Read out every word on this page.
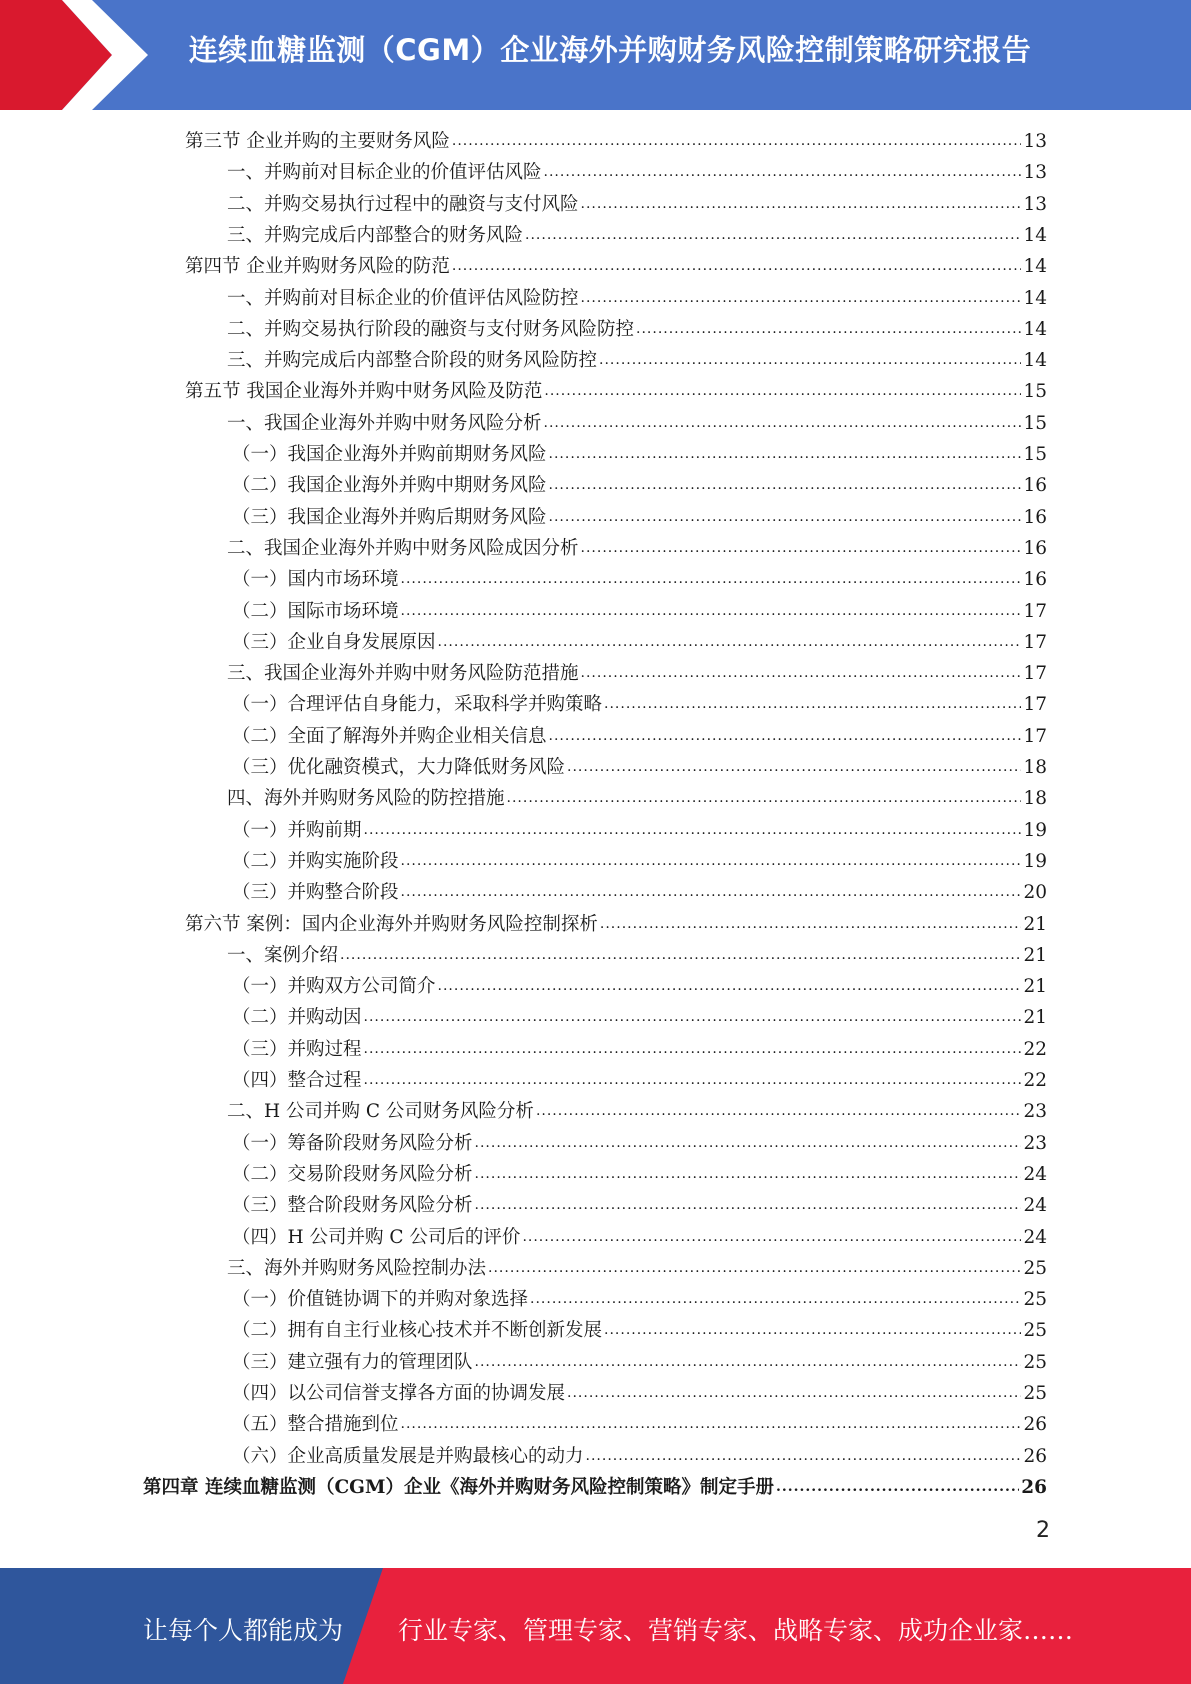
连续血糖监测（CGM）企业海外并购财务风险控制策略研究报告
第三节 企业并购的主要财务风险 .....	13
一、并购前对目标企业的价值评估风险 .....	13
二、并购交易执行过程中的融资与支付风险 .....	13
三、并购完成后内部整合的财务风险 .....	14
第四节 企业并购财务风险的防范 .....	14
一、并购前对目标企业的价值评估风险防控 .....	14
二、并购交易执行阶段的融资与支付财务风险防控 .....	14
三、并购完成后内部整合阶段的财务风险防控 .....	14
第五节 我国企业海外并购中财务风险及防范 .....	15
一、我国企业海外并购中财务风险分析 .....	15
（一）我国企业海外并购前期财务风险 .....	15
（二）我国企业海外并购中期财务风险 .....	16
（三）我国企业海外并购后期财务风险 .....	16
二、我国企业海外并购中财务风险成因分析 .....	16
（一）国内市场环境 .....	16
（二）国际市场环境 .....	17
（三）企业自身发展原因 .....	17
三、我国企业海外并购中财务风险防范措施 .....	17
（一）合理评估自身能力，采取科学并购策略 .....	17
（二）全面了解海外并购企业相关信息 .....	17
（三）优化融资模式，大力降低财务风险 .....	18
四、海外并购财务风险的防控措施 .....	18
（一）并购前期 .....	19
（二）并购实施阶段 .....	19
（三）并购整合阶段 .....	20
第六节 案例：国内企业海外并购财务风险控制探析 .....	21
一、案例介绍 .....	21
（一）并购双方公司简介 .....	21
（二）并购动因 .....	21
（三）并购过程 .....	22
（四）整合过程 .....	22
二、H 公司并购 C 公司财务风险分析 .....	23
（一）筹备阶段财务风险分析 .....	23
（二）交易阶段财务风险分析 .....	24
（三）整合阶段财务风险分析 .....	24
（四）H 公司并购 C 公司后的评价 .....	24
三、海外并购财务风险控制办法 .....	25
（一）价值链协调下的并购对象选择 .....	25
（二）拥有自主行业核心技术并不断创新发展 .....	25
（三）建立强有力的管理团队 .....	25
（四）以公司信誉支撑各方面的协调发展 .....	25
（五）整合措施到位 .....	26
（六）企业高质量发展是并购最核心的动力 .....	26
第四章 连续血糖监测（CGM）企业《海外并购财务风险控制策略》制定手册 .....	26
2
让每个人都能成为 行业专家、管理专家、营销专家、战略专家、成功企业家……
